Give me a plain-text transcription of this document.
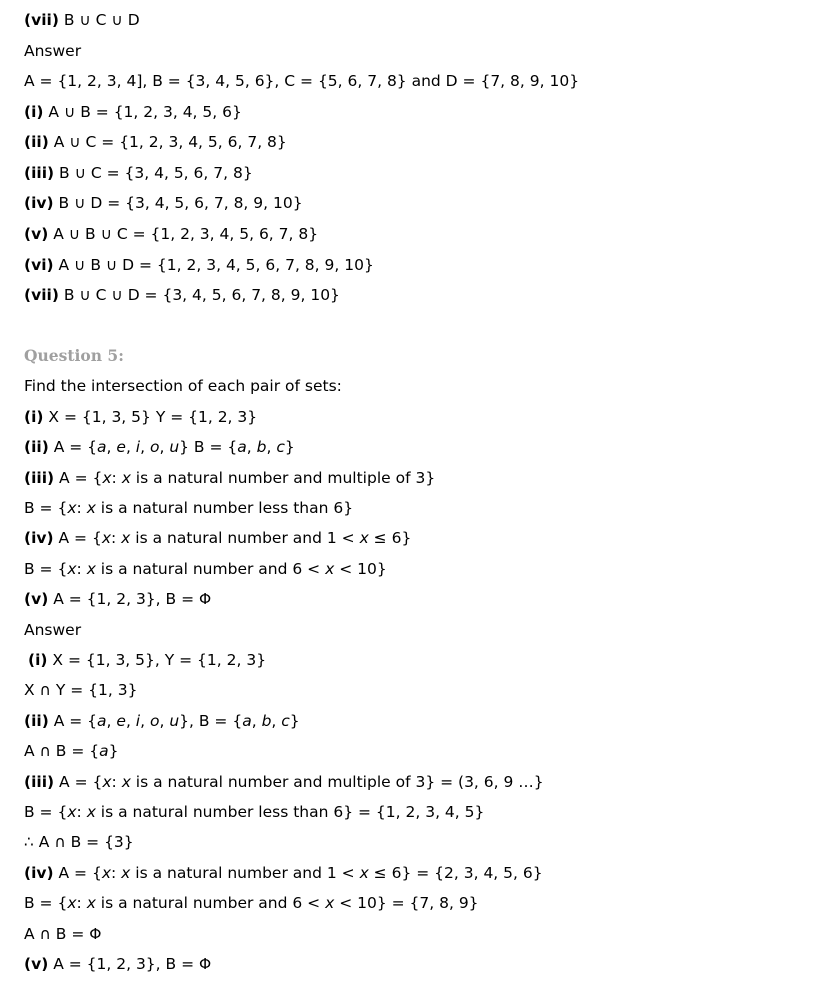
(vii) B ∪ C ∪ D
Answer
A = {1, 2, 3, 4], B = {3, 4, 5, 6}, C = {5, 6, 7, 8} and D = {7, 8, 9, 10}
(i) A ∪ B = {1, 2, 3, 4, 5, 6}
(ii) A ∪ C = {1, 2, 3, 4, 5, 6, 7, 8}
(iii) B ∪ C = {3, 4, 5, 6, 7, 8}
(iv) B ∪ D = {3, 4, 5, 6, 7, 8, 9, 10}
(v) A ∪ B ∪ C = {1, 2, 3, 4, 5, 6, 7, 8}
(vi) A ∪ B ∪ D = {1, 2, 3, 4, 5, 6, 7, 8, 9, 10}
(vii) B ∪ C ∪ D = {3, 4, 5, 6, 7, 8, 9, 10}
Question 5:
Find the intersection of each pair of sets:
(i) X = {1, 3, 5} Y = {1, 2, 3}
(ii) A = {a, e, i, o, u} B = {a, b, c}
(iii) A = {x: x is a natural number and multiple of 3}
B = {x: x is a natural number less than 6}
(iv) A = {x: x is a natural number and 1 < x ≤ 6}
B = {x: x is a natural number and 6 < x < 10}
(v) A = {1, 2, 3}, B = Φ
Answer
(i) X = {1, 3, 5}, Y = {1, 2, 3}
X ∩ Y = {1, 3}
(ii) A = {a, e, i, o, u}, B = {a, b, c}
A ∩ B = {a}
(iii) A = {x: x is a natural number and multiple of 3} = (3, 6, 9 …}
B = {x: x is a natural number less than 6} = {1, 2, 3, 4, 5}
∴ A ∩ B = {3}
(iv) A = {x: x is a natural number and 1 < x ≤ 6} = {2, 3, 4, 5, 6}
B = {x: x is a natural number and 6 < x < 10} = {7, 8, 9}
A ∩ B = Φ
(v) A = {1, 2, 3}, B = Φ
